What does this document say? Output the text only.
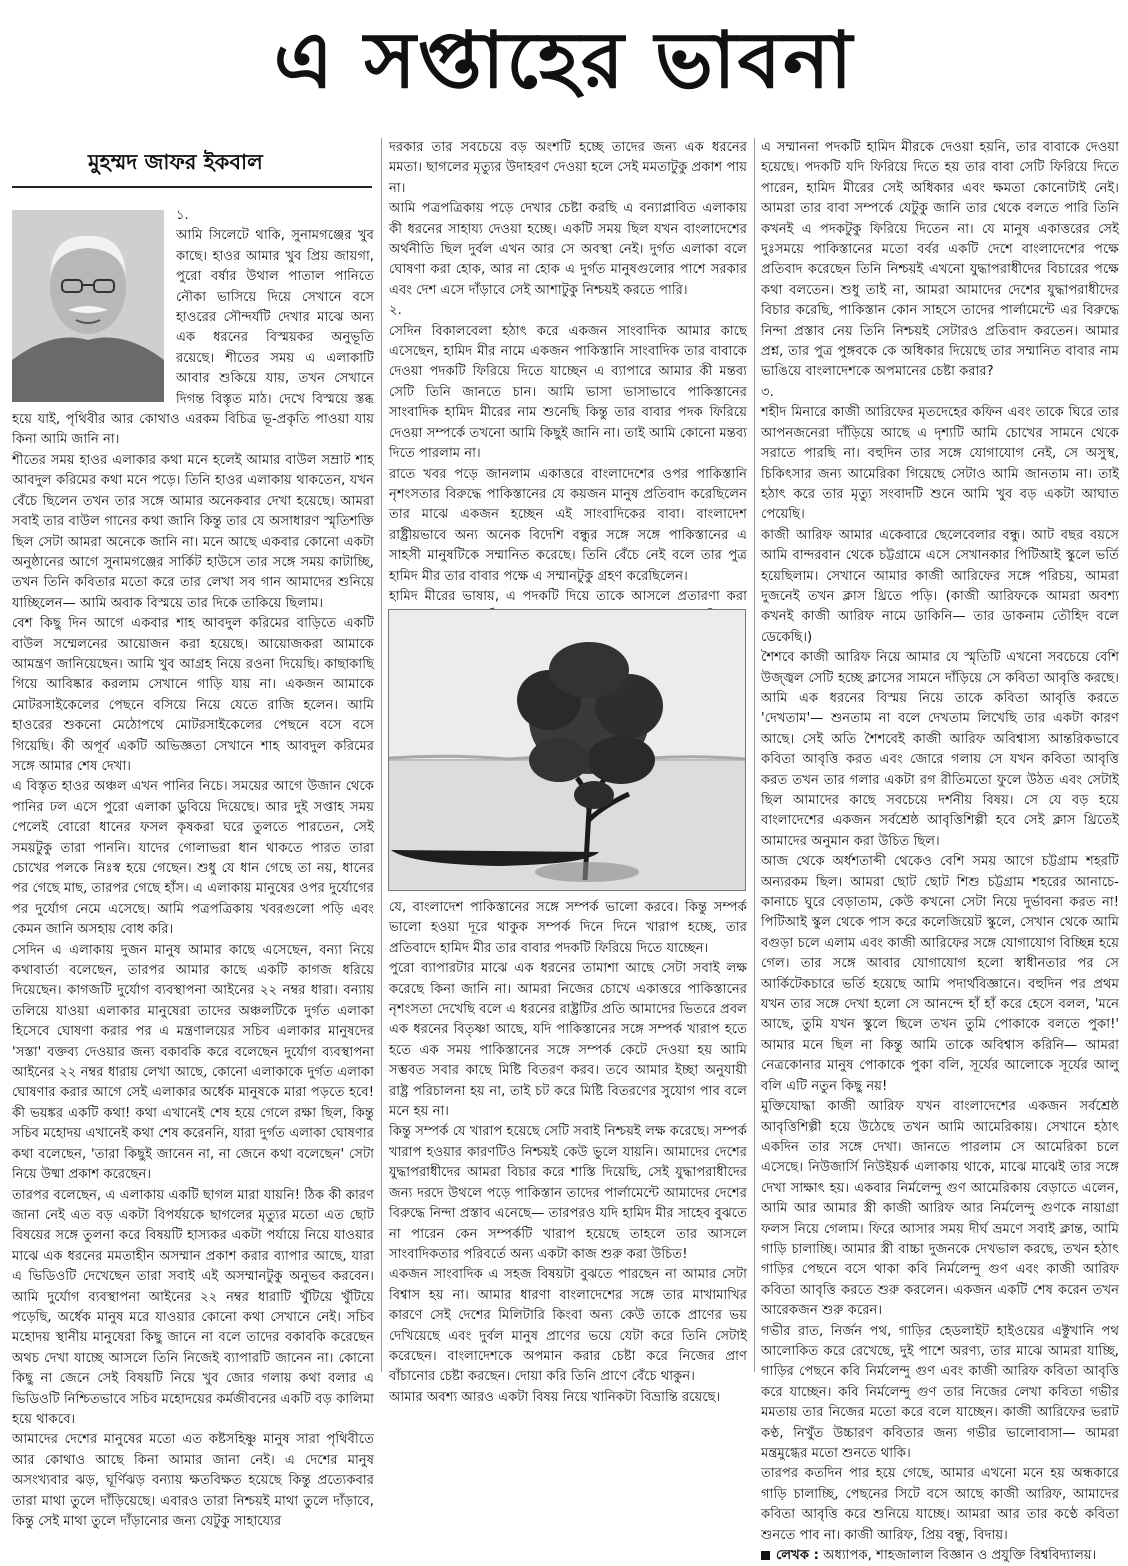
এ সপ্তাহের ভাবনা
মুহম্মদ জাফর ইকবাল

১.

আমি সিলেটে থাকি, সুনামগঞ্জের খুব কাছে। হাওর আমার খুব প্রিয় জায়গা, পুরো বর্ষার উথাল পাতাল পানিতে নৌকা ভাসিয়ে দিয়ে সেখানে বসে হাওরের সৌন্দর্যটি দেখার মাঝে অন্য এক ধরনের বিস্ময়কর অনুভূতি রয়েছে। শীতের সময় এ এলাকাটি আবার শুকিয়ে যায়, তখন সেখানে দিগন্ত বিস্তৃত মাঠ। দেখে বিস্ময়ে স্তব্ধ হয়ে যাই, পৃথিবীর আর কোথাও এরকম বিচিত্র ভূ-প্রকৃতি পাওয়া যায় কিনা আমি জানি না।

শীতের সময় হাওর এলাকার কথা মনে হলেই আমার বাউল সম্রাট শাহ আবদুল করিমের কথা মনে পড়ে। তিনি হাওর এলাকায় থাকতেন, যখন বেঁচে ছিলেন তখন তার সঙ্গে আমার অনেকবার দেখা হয়েছে। আমরা সবাই তার বাউল গানের কথা জানি কিন্তু তার যে অসাধারণ স্মৃতিশক্তি ছিল সেটা আমরা অনেকে জানি না। মনে আছে একবার কোনো একটা অনুষ্ঠানের আগে সুনামগঞ্জের সার্কিট হাউসে তার সঙ্গে সময় কাটাচ্ছি, তখন তিনি কবিতার মতো করে তার লেখা সব গান আমাদের শুনিয়ে যাচ্ছিলেন— আমি অবাক বিস্ময়ে তার দিকে তাকিয়ে ছিলাম।

বেশ কিছু দিন আগে একবার শাহ আবদুল করিমের বাড়িতে একটি বাউল সম্মেলনের আয়োজন করা হয়েছে। আয়োজকরা আমাকে আমন্ত্রণ জানিয়েছেন। আমি খুব আগ্রহ নিয়ে রওনা দিয়েছি। কাছাকাছি গিয়ে আবিষ্কার করলাম সেখানে গাড়ি যায় না। একজন আমাকে মোটরসাইকেলের পেছনে বসিয়ে নিয়ে যেতে রাজি হলেন। আমি হাওরের শুকনো মেঠোপথে মোটরসাইকেলের পেছনে বসে বসে গিয়েছি। কী অপূর্ব একটি অভিজ্ঞতা সেখানে শাহ আবদুল করিমের সঙ্গে আমার শেষ দেখা।

এ বিস্তৃত হাওর অঞ্চল এখন পানির নিচে। সময়ের আগে উজান থেকে পানির ঢল এসে পুরো এলাকা ডুবিয়ে দিয়েছে। আর দুই সপ্তাহ সময় পেলেই বোরো ধানের ফসল কৃষকরা ঘরে তুলতে পারতেন, সেই সময়টুকু তারা পাননি। যাদের গোলাভরা ধান থাকতে পারত তারা চোখের পলকে নিঃস্ব হয়ে গেছেন। শুধু যে ধান গেছে তা নয়, ধানের পর গেছে মাছ, তারপর গেছে হাঁস। এ এলাকায় মানুষের ওপর দুর্যোগের পর দুর্যোগ নেমে এসেছে। আমি পত্রপত্রিকায় খবরগুলো পড়ি এবং কেমন জানি অসহায় বোধ করি।

সেদিন এ এলাকায় দুজন মানুষ আমার কাছে এসেছেন, বন্যা নিয়ে কথাবার্তা বলেছেন, তারপর আমার কাছে একটি কাগজ ধরিয়ে দিয়েছেন। কাগজটি দুর্যোগ ব্যবস্থাপনা আইনের ২২ নম্বর ধারা। বন্যায় তলিয়ে যাওয়া এলাকার মানুষেরা তাদের অঞ্চলটিকে দুর্গত এলাকা হিসেবে ঘোষণা করার পর এ মন্ত্রণালয়ের সচিব এলাকার মানুষদের 'সস্তা' বক্তব্য দেওয়ার জন্য বকাবকি করে বলেছেন দুর্যোগ ব্যবস্থাপনা আইনের ২২ নম্বর ধারায় লেখা আছে, কোনো এলাকাকে দুর্গত এলাকা ঘোষণার করার আগে সেই এলাকার অর্ধেক মানুষকে মারা পড়তে হবে! কী ভয়ঙ্কর একটি কথা! কথা এখানেই শেষ হয়ে গেলে রক্ষা ছিল, কিন্তু সচিব মহোদয় এখানেই কথা শেষ করেননি, যারা দুর্গত এলাকা ঘোষণার কথা বলেছেন, 'তারা কিছুই জানেন না, না জেনে কথা বলেছেন' সেটা নিয়ে উষ্মা প্রকাশ করেছেন।

তারপর বলেছেন, এ এলাকায় একটি ছাগল মারা যায়নি! ঠিক কী কারণ জানা নেই এত বড় একটা বিপর্যয়কে ছাগলের মৃত্যুর মতো এত ছোট বিষয়ের সঙ্গে তুলনা করে বিষয়টি হাস্যকর একটা পর্যায়ে নিয়ে যাওয়ার মাঝে এক ধরনের মমতাহীন অসম্মান প্রকাশ করার ব্যাপার আছে, যারা এ ভিডিওটি দেখেছেন তারা সবাই এই অসম্মানটুকু অনুভব করবেন। আমি দুর্যোগ ব্যবস্থাপনা আইনের ২২ নম্বর ধারাটি খুঁটিয়ে খুঁটিয়ে পড়েছি, অর্ধেক মানুষ মরে যাওয়ার কোনো কথা সেখানে নেই। সচিব মহোদয় স্থানীয় মানুষেরা কিছু জানে না বলে তাদের বকাবকি করেছেন অথচ দেখা যাচ্ছে আসলে তিনি নিজেই ব্যাপারটি জানেন না। কোনো কিছু না জেনে সেই বিষয়টি নিয়ে খুব জোর গলায় কথা বলার এ ভিডিওটি নিশ্চিতভাবে সচিব মহোদয়ের কর্মজীবনের একটি বড় কালিমা হয়ে থাকবে।

আমাদের দেশের মানুষের মতো এত কষ্টসহিষ্ণু মানুষ সারা পৃথিবীতে আর কোথাও আছে কিনা আমার জানা নেই। এ দেশের মানুষ অসংখ্যবার ঝড়, ঘূর্ণিঝড় বন্যায় ক্ষতবিক্ষত হয়েছে কিন্তু প্রত্যেকবার তারা মাথা তুলে দাঁড়িয়েছে। এবারও তারা নিশ্চয়ই মাথা তুলে দাঁড়াবে, কিন্তু সেই মাথা তুলে দাঁড়ানোর জন্য যেটুকু সাহায্যের

দরকার তার সবচেয়ে বড় অংশটি হচ্ছে তাদের জন্য এক ধরনের মমতা। ছাগলের মৃত্যুর উদাহরণ দেওয়া হলে সেই মমতাটুকু প্রকাশ পায় না।

আমি পত্রপত্রিকায় পড়ে দেখার চেষ্টা করছি এ বন্যাপ্লাবিত এলাকায় কী ধরনের সাহায্য দেওয়া হচ্ছে। একটি সময় ছিল যখন বাংলাদেশের অর্থনীতি ছিল দুর্বল এখন আর সে অবস্থা নেই। দুর্গত এলাকা বলে ঘোষণা করা হোক, আর না হোক এ দুর্গত মানুষগুলোর পাশে সরকার এবং দেশ এসে দাঁড়াবে সেই আশাটুকু নিশ্চয়ই করতে পারি।

২.

সেদিন বিকালবেলা হঠাৎ করে একজন সাংবাদিক আমার কাছে এসেছেন, হামিদ মীর নামে একজন পাকিস্তানি সাংবাদিক তার বাবাকে দেওয়া পদকটি ফিরিয়ে দিতে যাচ্ছেন এ ব্যাপারে আমার কী মন্তব্য সেটি তিনি জানতে চান। আমি ভাসা ভাসাভাবে পাকিস্তানের সাংবাদিক হামিদ মীরের নাম শুনেছি কিন্তু তার বাবার পদক ফিরিয়ে দেওয়া সম্পর্কে তখনো আমি কিছুই জানি না। তাই আমি কোনো মন্তব্য দিতে পারলাম না।

রাতে খবর পড়ে জানলাম একাত্তরে বাংলাদেশের ওপর পাকিস্তানি নৃশংসতার বিরুদ্ধে পাকিস্তানের যে কয়জন মানুষ প্রতিবাদ করেছিলেন তার মাঝে একজন হচ্ছেন এই সাংবাদিকের বাবা। বাংলাদেশ রাষ্ট্রীয়ভাবে অন্য অনেক বিদেশি বন্ধুর সঙ্গে সঙ্গে পাকিস্তানের এ সাহসী মানুষটিকে সম্মানিত করেছে। তিনি বেঁচে নেই বলে তার পুত্র হামিদ মীর তার বাবার পক্ষে এ সম্মানটুকু গ্রহণ করেছিলেন।

হামিদ মীরের ভাষায়, এ পদকটি দিয়ে তাকে আসলে প্রতারণা করা

যে, বাংলাদেশ পাকিস্তানের সঙ্গে সম্পর্ক ভালো করবে। কিন্তু সম্পর্ক ভালো হওয়া দূরে থাকুক সম্পর্ক দিনে দিনে খারাপ হচ্ছে, তার প্রতিবাদে হামিদ মীর তার বাবার পদকটি ফিরিয়ে দিতে যাচ্ছেন।

পুরো ব্যাপারটার মাঝে এক ধরনের তামাশা আছে সেটা সবাই লক্ষ করেছে কিনা জানি না। আমরা নিজের চোখে একাত্তরে পাকিস্তানের নৃশংসতা দেখেছি বলে এ ধরনের রাষ্ট্রটির প্রতি আমাদের ভিতরে প্রবল এক ধরনের বিতৃষ্ণা আছে, যদি পাকিস্তানের সঙ্গে সম্পর্ক খারাপ হতে হতে এক সময় পাকিস্তানের সঙ্গে সম্পর্ক কেটে দেওয়া হয় আমি সম্ভবত সবার কাছে মিষ্টি বিতরণ করব। তবে আমার ইচ্ছা অনুযায়ী রাষ্ট্র পরিচালনা হয় না, তাই চট করে মিষ্টি বিতরণের সুযোগ পাব বলে মনে হয় না।

কিন্তু সম্পর্ক যে খারাপ হয়েছে সেটি সবাই নিশ্চয়ই লক্ষ করেছে। সম্পর্ক খারাপ হওয়ার কারণটিও নিশ্চয়ই কেউ ভুলে যায়নি। আমাদের দেশের যুদ্ধাপরাধীদের আমরা বিচার করে শাস্তি দিয়েছি, সেই যুদ্ধাপরাধীদের জন্য দরদে উথলে পড়ে পাকিস্তান তাদের পার্লামেন্টে আমাদের দেশের বিরুদ্ধে নিন্দা প্রস্তাব এনেছে— তারপরও যদি হামিদ মীর সাহেব বুঝতে না পারেন কেন সম্পর্কটি খারাপ হয়েছে তাহলে তার আসলে সাংবাদিকতার পরিবর্তে অন্য একটা কাজ শুরু করা উচিত!

একজন সাংবাদিক এ সহজ বিষয়টা বুঝতে পারছেন না আমার সেটা বিশ্বাস হয় না। আমার ধারণা বাংলাদেশের সঙ্গে তার মাখামাখির কারণে সেই দেশের মিলিটারি কিংবা অন্য কেউ তাকে প্রাণের ভয় দেখিয়েছে এবং দুর্বল মানুষ প্রাণের ভয়ে যেটা করে তিনি সেটাই করেছেন। বাংলাদেশকে অপমান করার চেষ্টা করে নিজের প্রাণ বাঁচানোর চেষ্টা করছেন। দোয়া করি তিনি প্রাণে বেঁচে থাকুন।

আমার অবশ্য আরও একটা বিষয় নিয়ে খানিকটা বিভ্রান্তি রয়েছে।

এ সম্মাননা পদকটি হামিদ মীরকে দেওয়া হয়নি, তার বাবাকে দেওয়া হয়েছে। পদকটি যদি ফিরিয়ে দিতে হয় তার বাবা সেটি ফিরিয়ে দিতে পারেন, হামিদ মীরের সেই অধিকার এবং ক্ষমতা কোনোটাই নেই। আমরা তার বাবা সম্পর্কে যেটুকু জানি তার থেকে বলতে পারি তিনি কখনই এ পদকটুকু ফিরিয়ে দিতেন না। যে মানুষ একাত্তরের সেই দুঃসময়ে পাকিস্তানের মতো বর্বর একটি দেশে বাংলাদেশের পক্ষে প্রতিবাদ করেছেন তিনি নিশ্চয়ই এখনো যুদ্ধাপরাধীদের বিচারের পক্ষে কথা বলতেন। শুধু তাই না, আমরা আমাদের দেশের যুদ্ধাপরাধীদের বিচার করেছি, পাকিস্তান কোন সাহসে তাদের পার্লামেন্টে এর বিরুদ্ধে নিন্দা প্রস্তাব নেয় তিনি নিশ্চয়ই সেটারও প্রতিবাদ করতেন। আমার প্রশ্ন, তার পুত্র পুঙ্গবকে কে অধিকার দিয়েছে তার সম্মানিত বাবার নাম ভাঙিয়ে বাংলাদেশকে অপমানের চেষ্টা করার?

৩.

শহীদ মিনারে কাজী আরিফের মৃতদেহের কফিন এবং তাকে ঘিরে তার আপনজনেরা দাঁড়িয়ে আছে এ দৃশ্যটি আমি চোখের সামনে থেকে সরাতে পারছি না। বহুদিন তার সঙ্গে যোগাযোগ নেই, সে অসুস্থ, চিকিৎসার জন্য আমেরিকা গিয়েছে সেটাও আমি জানতাম না। তাই হঠাৎ করে তার মৃত্যু সংবাদটি শুনে আমি খুব বড় একটা আঘাত পেয়েছি।

কাজী আরিফ আমার একেবারে ছেলেবেলার বন্ধু। আট বছর বয়সে আমি বান্দরবান থেকে চট্টগ্রামে এসে সেখানকার পিটিআই স্কুলে ভর্তি হয়েছিলাম। সেখানে আমার কাজী আরিফের সঙ্গে পরিচয়, আমরা দুজনেই তখন ক্লাস থ্রিতে পড়ি। (কাজী আরিফকে আমরা অবশ্য কখনই কাজী আরিফ নামে ডাকিনি— তার ডাকনাম তৌহিদ বলে ডেকেছি।)

শৈশবে কাজী আরিফ নিয়ে আমার যে স্মৃতিটি এখনো সবচেয়ে বেশি উজ্জ্বল সেটি হচ্ছে ক্লাসের সামনে দাঁড়িয়ে সে কবিতা আবৃত্তি করছে। আমি এক ধরনের বিস্ময় নিয়ে তাকে কবিতা আবৃত্তি করতে 'দেখতাম'— শুনতাম না বলে দেখতাম লিখেছি তার একটা কারণ আছে। সেই অতি শৈশবেই কাজী আরিফ অবিশ্বাস্য আন্তরিকভাবে কবিতা আবৃত্তি করত এবং জোরে গলায় সে যখন কবিতা আবৃত্তি করত তখন তার গলার একটা রগ রীতিমতো ফুলে উঠত এবং সেটাই ছিল আমাদের কাছে সবচেয়ে দর্শনীয় বিষয়। সে যে বড় হয়ে বাংলাদেশের একজন সর্বশ্রেষ্ঠ আবৃত্তিশিল্পী হবে সেই ক্লাস থ্রিতেই আমাদের অনুমান করা উচিত ছিল।

আজ থেকে অর্ধশতাব্দী থেকেও বেশি সময় আগে চট্টগ্রাম শহরটি অন্যরকম ছিল। আমরা ছোট ছোট শিশু চট্টগ্রাম শহরের আনাচে-কানাচে ঘুরে বেড়াতাম, কেউ কখনো সেটা নিয়ে দুর্ভাবনা করত না! পিটিআই স্কুল থেকে পাস করে কলেজিয়েট স্কুলে, সেখান থেকে আমি বগুড়া চলে এলাম এবং কাজী আরিফের সঙ্গে যোগাযোগ বিচ্ছিন্ন হয়ে গেল। তার সঙ্গে আবার যোগাযোগ হলো স্বাধীনতার পর সে আর্কিটেকচারে ভর্তি হয়েছে আমি পদার্থবিজ্ঞানে। বহুদিন পর প্রথম যখন তার সঙ্গে দেখা হলো সে আনন্দে হাঁ হাঁ করে হেসে বলল, 'মনে আছে, তুমি যখন স্কুলে ছিলে তখন তুমি পোকাকে বলতে পুকা!' আমার মনে ছিল না কিন্তু আমি তাকে অবিশ্বাস করিনি— আমরা নেত্রকোনার মানুষ পোকাকে পুকা বলি, সূর্যের আলোকে সূর্যের আলু বলি এটি নতুন কিছু নয়!

মুক্তিযোদ্ধা কাজী আরিফ যখন বাংলাদেশের একজন সর্বশ্রেষ্ঠ আবৃত্তিশিল্পী হয়ে উঠেছে তখন আমি আমেরিকায়। সেখানে হঠাৎ একদিন তার সঙ্গে দেখা। জানতে পারলাম সে আমেরিকা চলে এসেছে। নিউজার্সি নিউইয়র্ক এলাকায় থাকে, মাঝে মাঝেই তার সঙ্গে দেখা সাক্ষাৎ হয়। একবার নির্মলেন্দু গুণ আমেরিকায় বেড়াতে এলেন, আমি আর আমার স্ত্রী কাজী আরিফ আর নির্মলেন্দু গুণকে নায়াগ্রা ফলস নিয়ে গেলাম। ফিরে আসার সময় দীর্ঘ ভ্রমণে সবাই ক্লান্ত, আমি গাড়ি চালাচ্ছি। আমার স্ত্রী বাচ্চা দুজনকে দেখভাল করছে, তখন হঠাৎ গাড়ির পেছনে বসে থাকা কবি নির্মলেন্দু গুণ এবং কাজী আরিফ কবিতা আবৃত্তি করতে শুরু করলেন। একজন একটি শেষ করেন তখন আরেকজন শুরু করেন।

গভীর রাত, নির্জন পথ, গাড়ির হেডলাইট হাইওয়ের এক্টুখানি পথ আলোকিত করে রেখেছে, দুই পাশে অরণ্য, তার মাঝে আমরা যাচ্ছি, গাড়ির পেছনে কবি নির্মলেন্দু গুণ এবং কাজী আরিফ কবিতা আবৃত্তি করে যাচ্ছেন। কবি নির্মলেন্দু গুণ তার নিজের লেখা কবিতা গভীর মমতায় তার নিজের মতো করে বলে যাচ্ছেন। কাজী আরিফের ভরাট কণ্ঠ, নিখুঁত উচ্চারণ কবিতার জন্য গভীর ভালোবাসা— আমরা মন্ত্রমুগ্ধের মতো শুনতে থাকি।

তারপর কতদিন পার হয়ে গেছে, আমার এখনো মনে হয় অন্ধকারে গাড়ি চালাচ্ছি, পেছনের সিটে বসে আছে কাজী আরিফ, আমাদের কবিতা আবৃত্তি করে শুনিয়ে যাচ্ছে। আমরা আর তার কণ্ঠে কবিতা শুনতে পাব না। কাজী আরিফ, প্রিয় বন্ধু, বিদায়।

লেখক : অধ্যাপক, শাহজালাল বিজ্ঞান ও প্রযুক্তি বিশ্ববিদ্যালয়।
